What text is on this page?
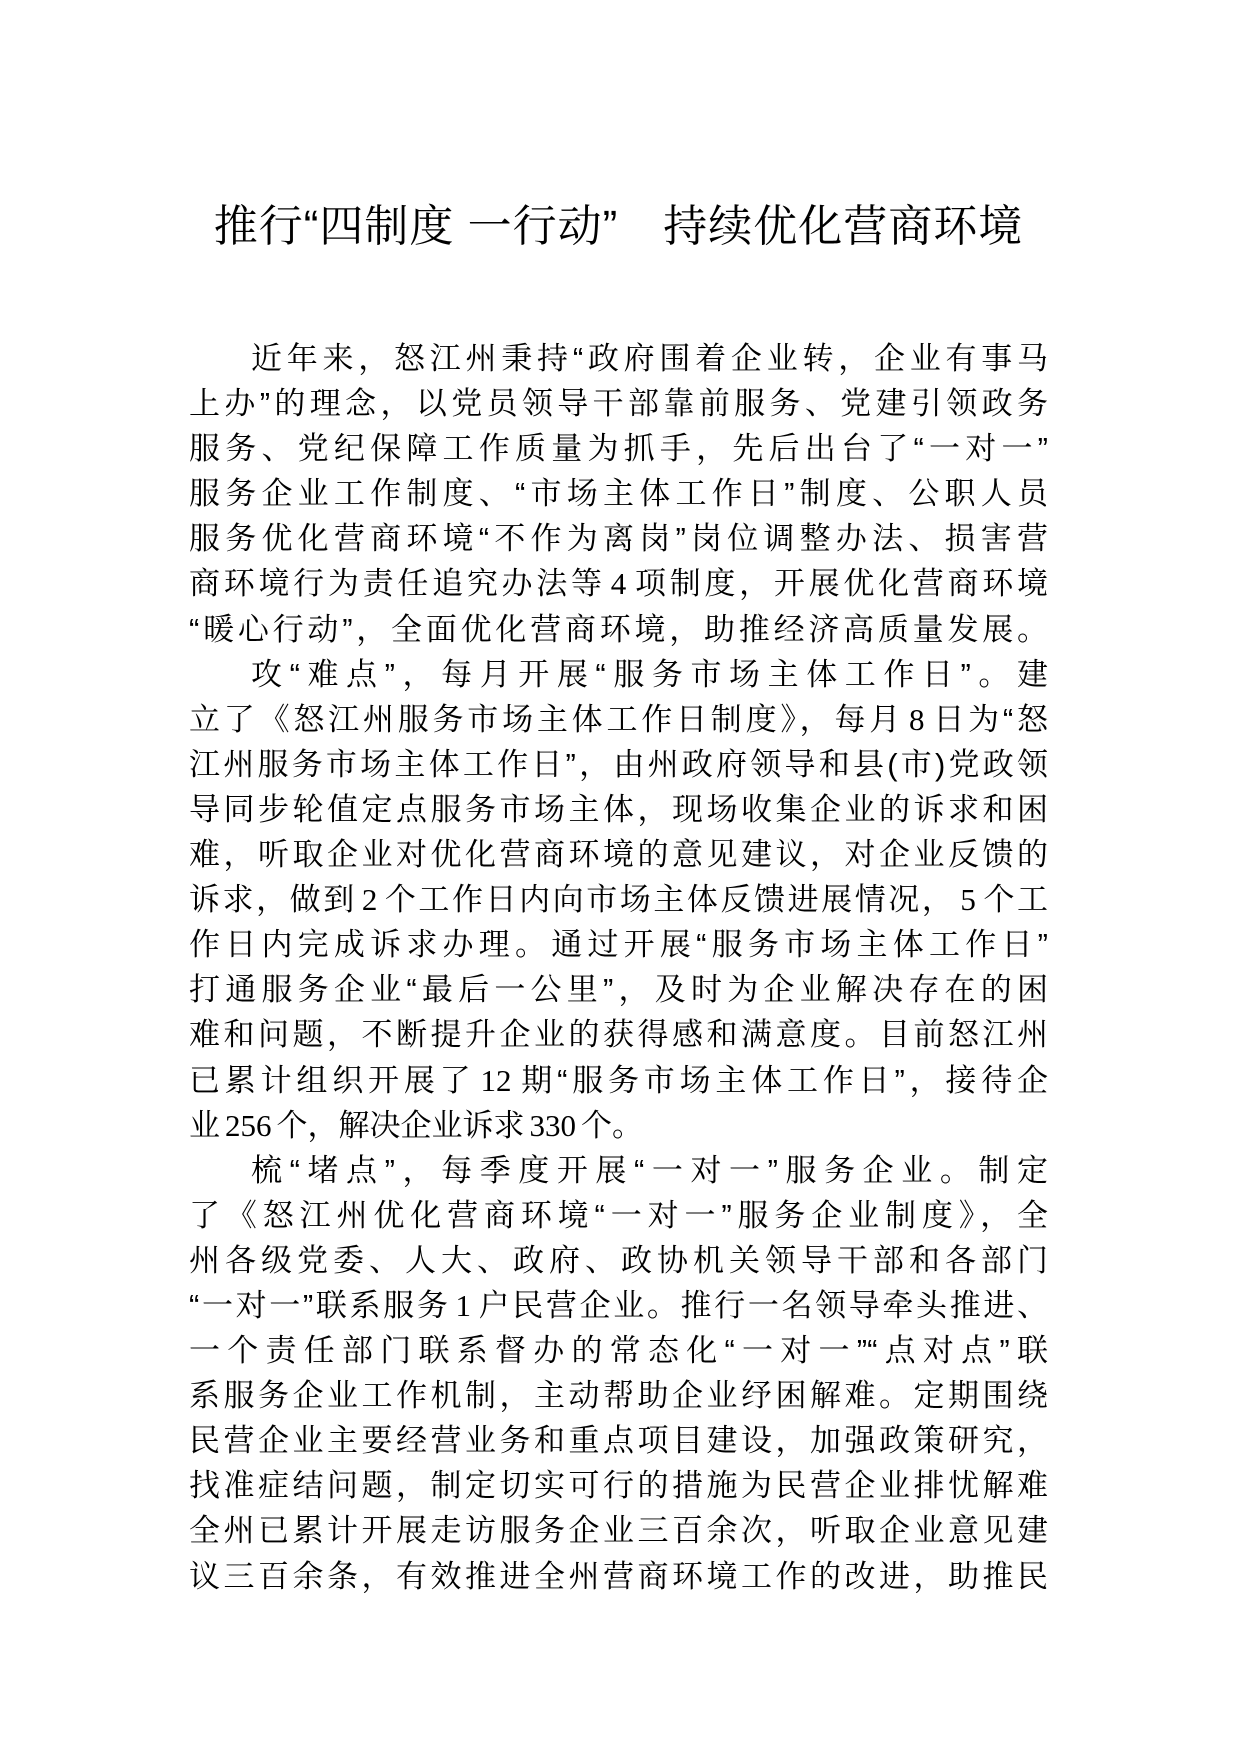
推行“四制度 一行动”　持续优化营商环境
近年来，怒江州秉持“政府围着企业转，企业有事马
上办”的理念，以党员领导干部靠前服务、党建引领政务
服务、党纪保障工作质量为抓手，先后出台了“一对一”
服务企业工作制度、“市场主体工作日”制度、公职人员
服务优化营商环境“不作为离岗”岗位调整办法、损害营
商环境行为责任追究办法等 4 项制度，开展优化营商环境
“暖心行动”，全面优化营商环境，助推经济高质量发展。
攻“难点”，每月开展“服务市场主体工作日”。建
立了《怒江州服务市场主体工作日制度》，每月 8 日为“怒
江州服务市场主体工作日”，由州政府领导和县(市)党政领
导同步轮值定点服务市场主体，现场收集企业的诉求和困
难，听取企业对优化营商环境的意见建议，对企业反馈的
诉求，做到 2 个工作日内向市场主体反馈进展情况， 5 个工
作日内完成诉求办理。通过开展“服务市场主体工作日”
打通服务企业“最后一公里”，及时为企业解决存在的困
难和问题，不断提升企业的获得感和满意度。目前怒江州
已累计组织开展了 12 期“服务市场主体工作日”，接待企
业 256 个，解决企业诉求 330 个。
梳“堵点”，每季度开展“一对一”服务企业。制定
了《怒江州优化营商环境“一对一”服务企业制度》，全
州各级党委、人大、政府、政协机关领导干部和各部门
“一对一”联系服务 1 户民营企业。推行一名领导牵头推进、
一个责任部门联系督办的常态化“一对一”“点对点”联
系服务企业工作机制，主动帮助企业纾困解难。定期围绕
民营企业主要经营业务和重点项目建设，加强政策研究，
找准症结问题，制定切实可行的措施为民营企业排忧解难
全州已累计开展走访服务企业三百余次，听取企业意见建
议三百余条，有效推进全州营商环境工作的改进，助推民
